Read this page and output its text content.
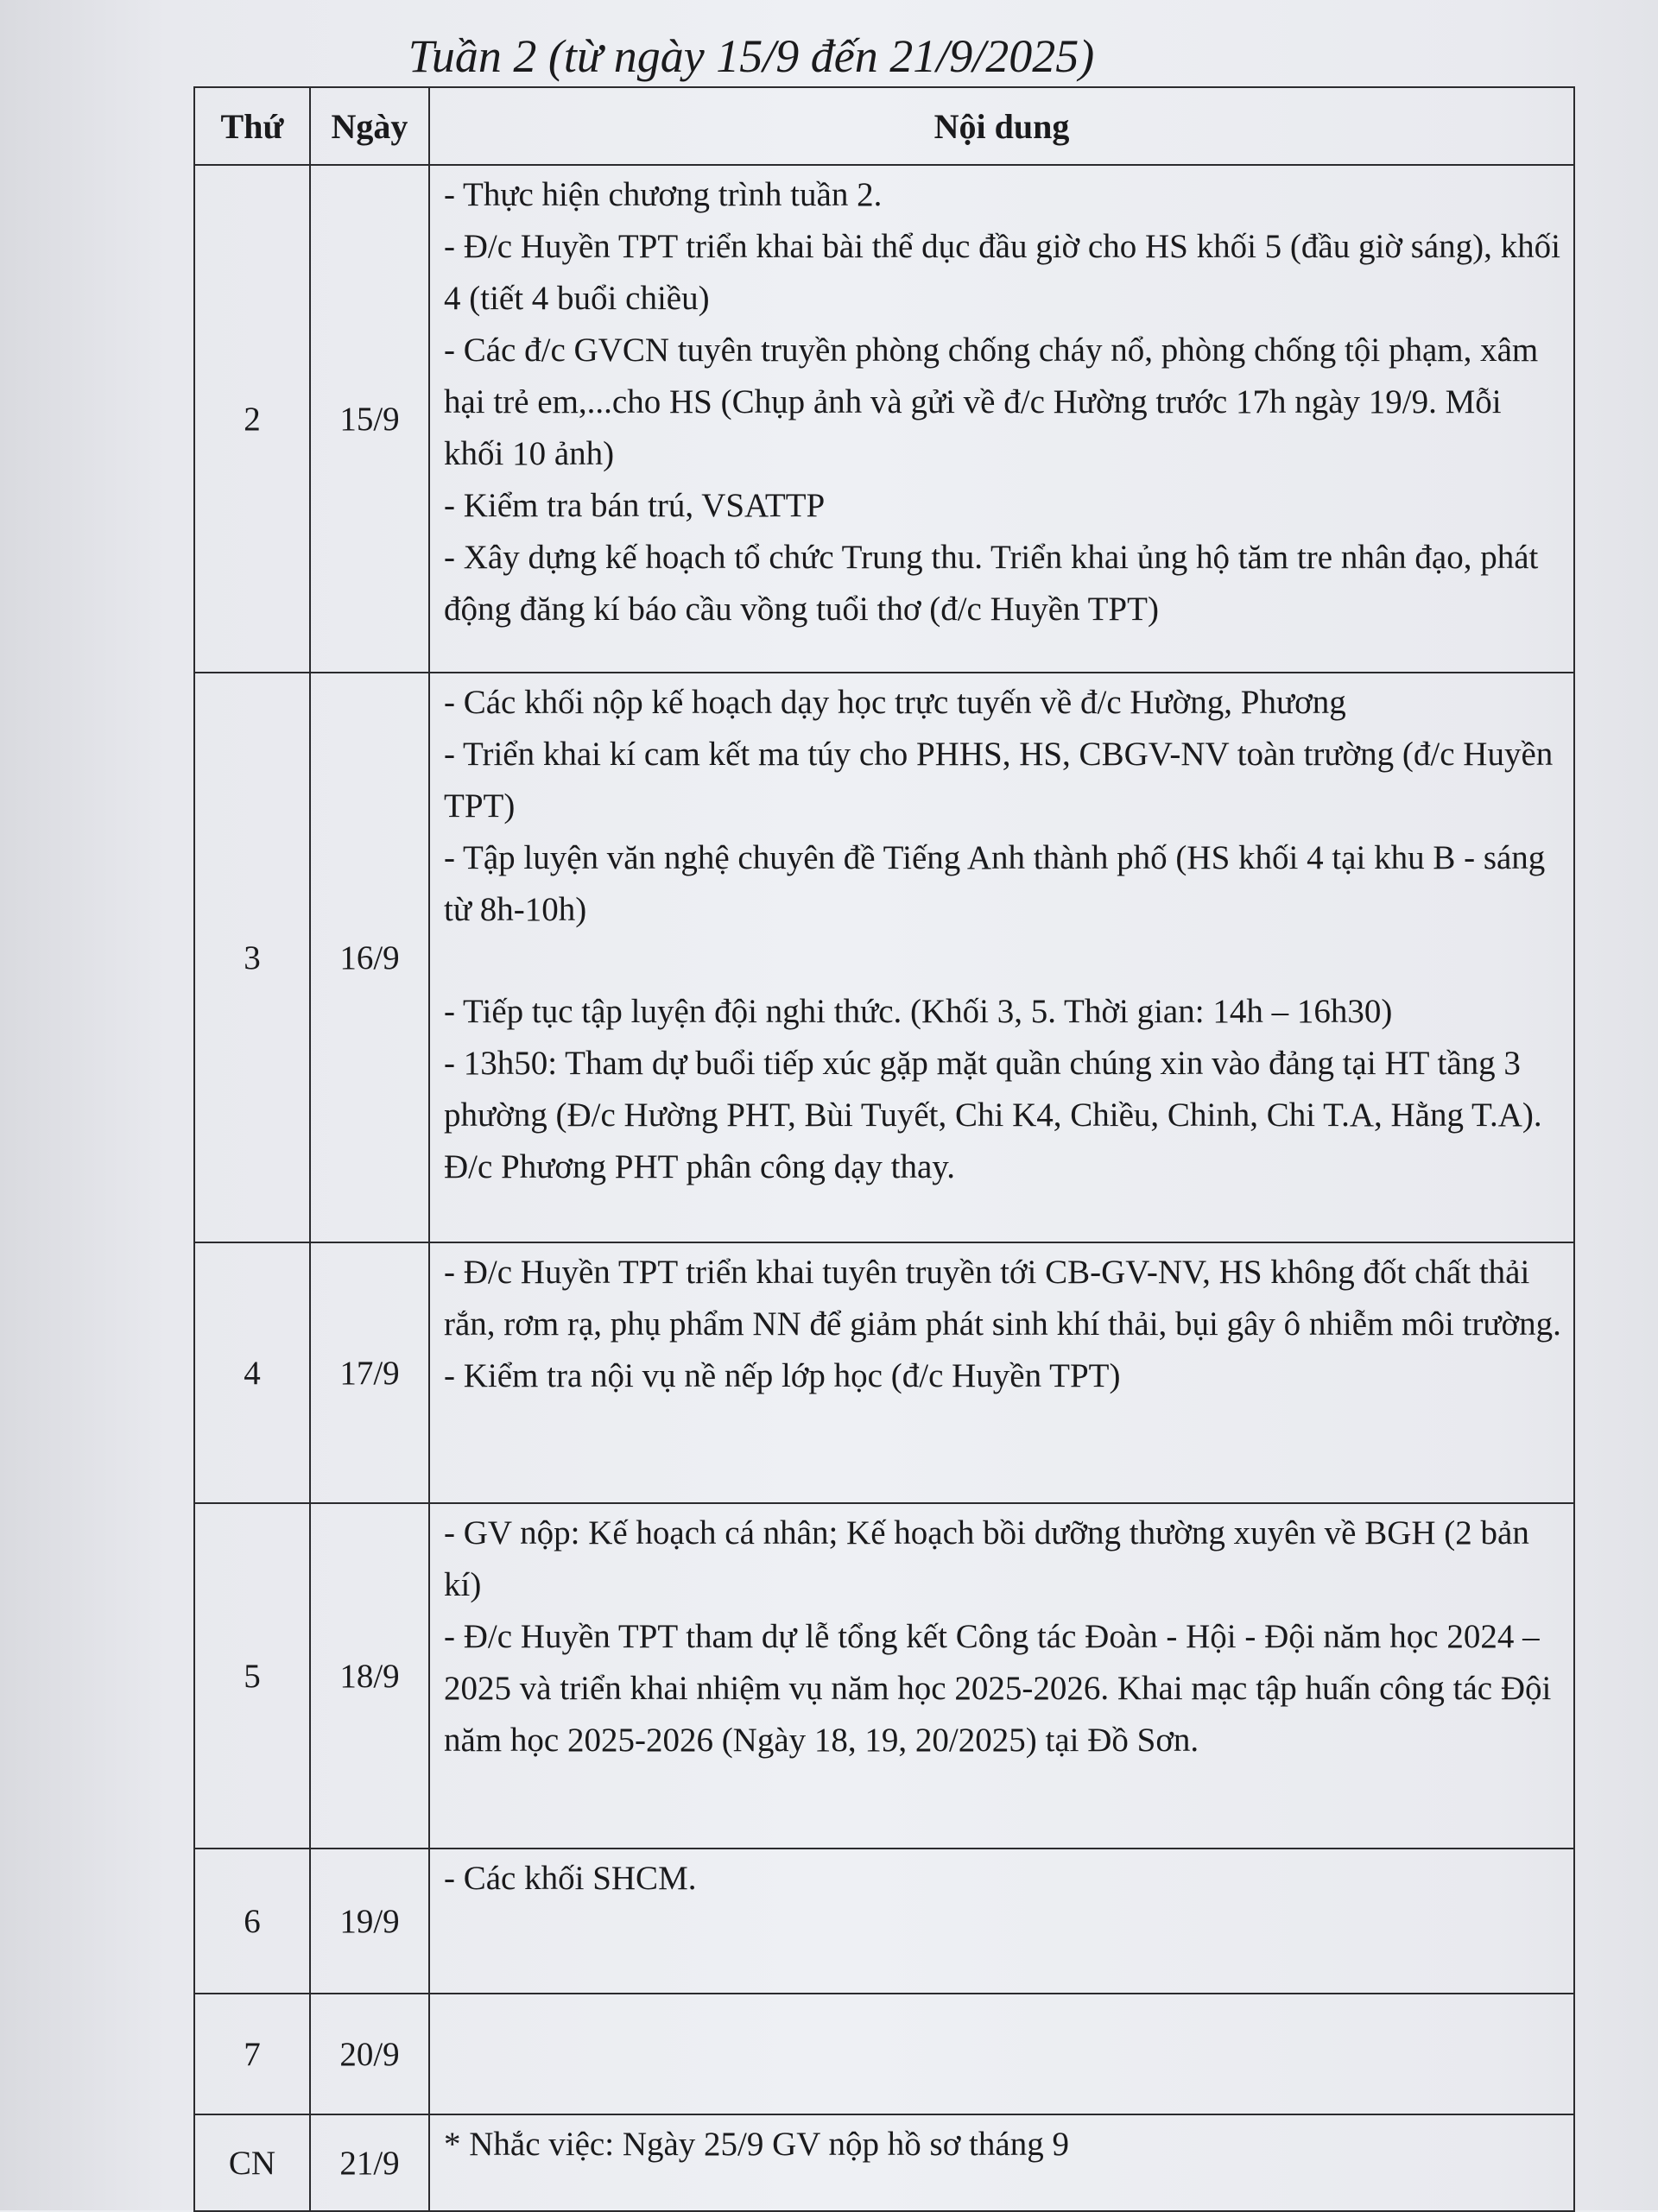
Tuần 2 (từ ngày 15/9 đến 21/9/2025)
Thứ	Ngày	Nội dung
2	15/9	- Thực hiện chương trình tuần 2.
- Đ/c Huyền TPT triển khai bài thể dục đầu giờ cho HS khối 5 (đầu giờ sáng), khối 4 (tiết 4 buổi chiều)
- Các đ/c GVCN tuyên truyền phòng chống cháy nổ, phòng chống tội phạm, xâm hại trẻ em,...cho HS (Chụp ảnh và gửi về đ/c Hường trước 17h ngày 19/9. Mỗi khối 10 ảnh)
- Kiểm tra bán trú, VSATTP
- Xây dựng kế hoạch tổ chức Trung thu. Triển khai ủng hộ tăm tre nhân đạo, phát động đăng kí báo cầu vồng tuổi thơ (đ/c Huyền TPT)

3	16/9	- Các khối nộp kế hoạch dạy học trực tuyến về đ/c Hường, Phương
- Triển khai kí cam kết ma túy cho PHHS, HS, CBGV-NV toàn trường (đ/c Huyền TPT)
- Tập luyện văn nghệ chuyên đề Tiếng Anh thành phố (HS khối 4 tại khu B - sáng từ 8h-10h)
- Tiếp tục tập luyện đội nghi thức. (Khối 3, 5. Thời gian: 14h – 16h30)
- 13h50: Tham dự buổi tiếp xúc gặp mặt quần chúng xin vào đảng tại HT tầng 3 phường (Đ/c Hường PHT, Bùi Tuyết, Chi K4, Chiều, Chinh, Chi T.A, Hằng T.A). Đ/c Phương PHT phân công dạy thay.

4	17/9	- Đ/c Huyền TPT triển khai tuyên truyền tới CB-GV-NV, HS không đốt chất thải rắn, rơm rạ, phụ phẩm NN để giảm phát sinh khí thải, bụi gây ô nhiễm môi trường.
- Kiểm tra nội vụ nề nếp lớp học (đ/c Huyền TPT)

5	18/9	- GV nộp: Kế hoạch cá nhân; Kế hoạch bồi dưỡng thường xuyên về BGH (2 bản kí)
- Đ/c Huyền TPT tham dự lễ tổng kết Công tác Đoàn - Hội - Đội năm học 2024 – 2025 và triển khai nhiệm vụ năm học 2025-2026. Khai mạc tập huấn công tác Đội năm học 2025-2026 (Ngày 18, 19, 20/2025) tại Đồ Sơn.

6	19/9	- Các khối SHCM.

7	20/9	
CN	21/9	* Nhắc việc: Ngày 25/9 GV nộp hồ sơ tháng 9
